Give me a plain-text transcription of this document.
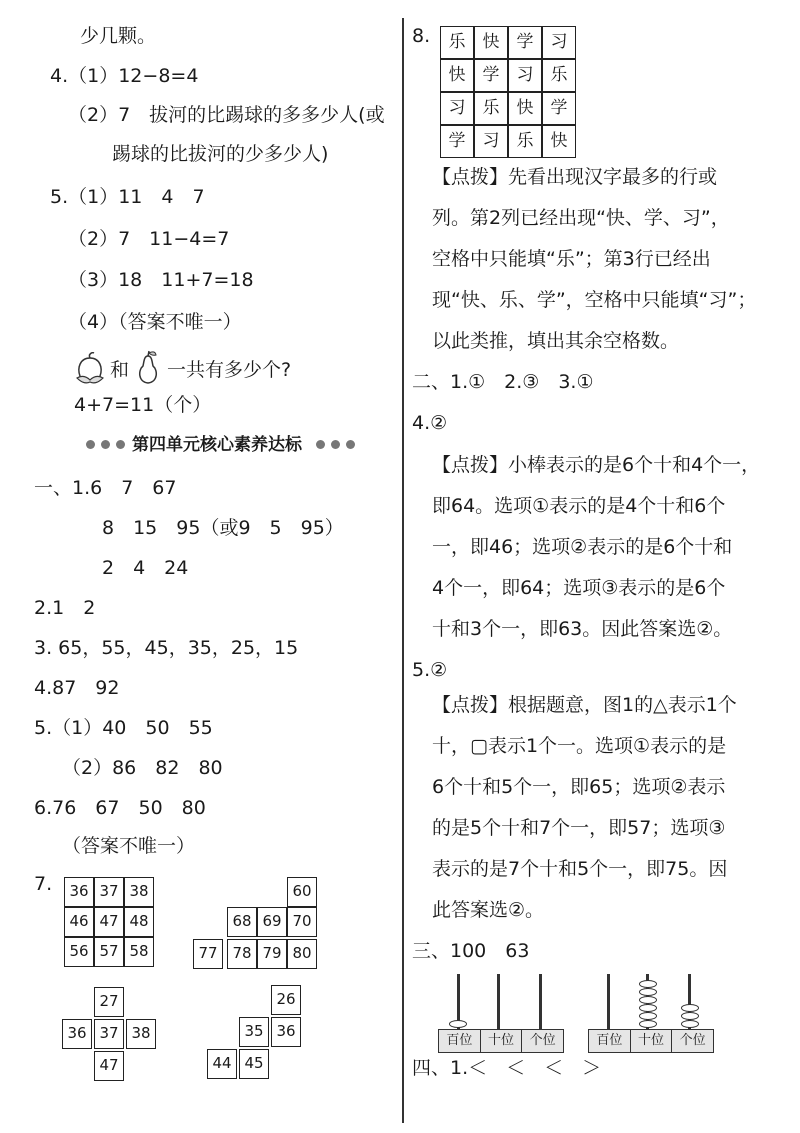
少几颗。
4.（1）12−8=4
（2）7　拔河的比踢球的多多少人(或
踢球的比拔河的少多少人)
5.（1）11　4　7
（2）7　11−4=7
（3）18　11+7=18
（4）（答案不唯一）
和　　一共有多少个?
4+7=11（个）
第四单元核心素养达标
一、1.6　7　67
8　15　95（或9　5　95）
2　4　24
2.1　2
3. 65，55，45，35，25，15
4.87　92
5.（1）40　50　55
（2）86　82　80
6.76　67　50　80
（答案不唯一）
7.	36 37 38
46 47 48
56 57 58
60
68 69 70
77 78 79 80
27
36 37 38
47
26
35 36
44 45
8.	乐	快	学	习
快	学	习	乐
习	乐	快	学
学	习	乐	快
【点拨】先看出现汉字最多的行或
列。第2列已经出现“快、学、习”，
空格中只能填“乐”；第3行已经出
现“快、乐、学”，空格中只能填“习”；
以此类推，填出其余空格数。
二、1.①　2.③　3.①
4.②
【点拨】小棒表示的是6个十和4个一，
即64。选项①表示的是4个十和6个
一，即46；选项②表示的是6个十和
4个一，即64；选项③表示的是6个
十和3个一，即63。因此答案选②。
5.②
【点拨】根据题意，图1的△表示1个
十，▢表示1个一。选项①表示的是
6个十和5个一，即65；选项②表示
的是5个十和7个一，即57；选项③
表示的是7个十和5个一，即75。因
此答案选②。
三、100　63
百位	十位	个位	百位	十位	个位
四、1.＜　＜　＜　＞
